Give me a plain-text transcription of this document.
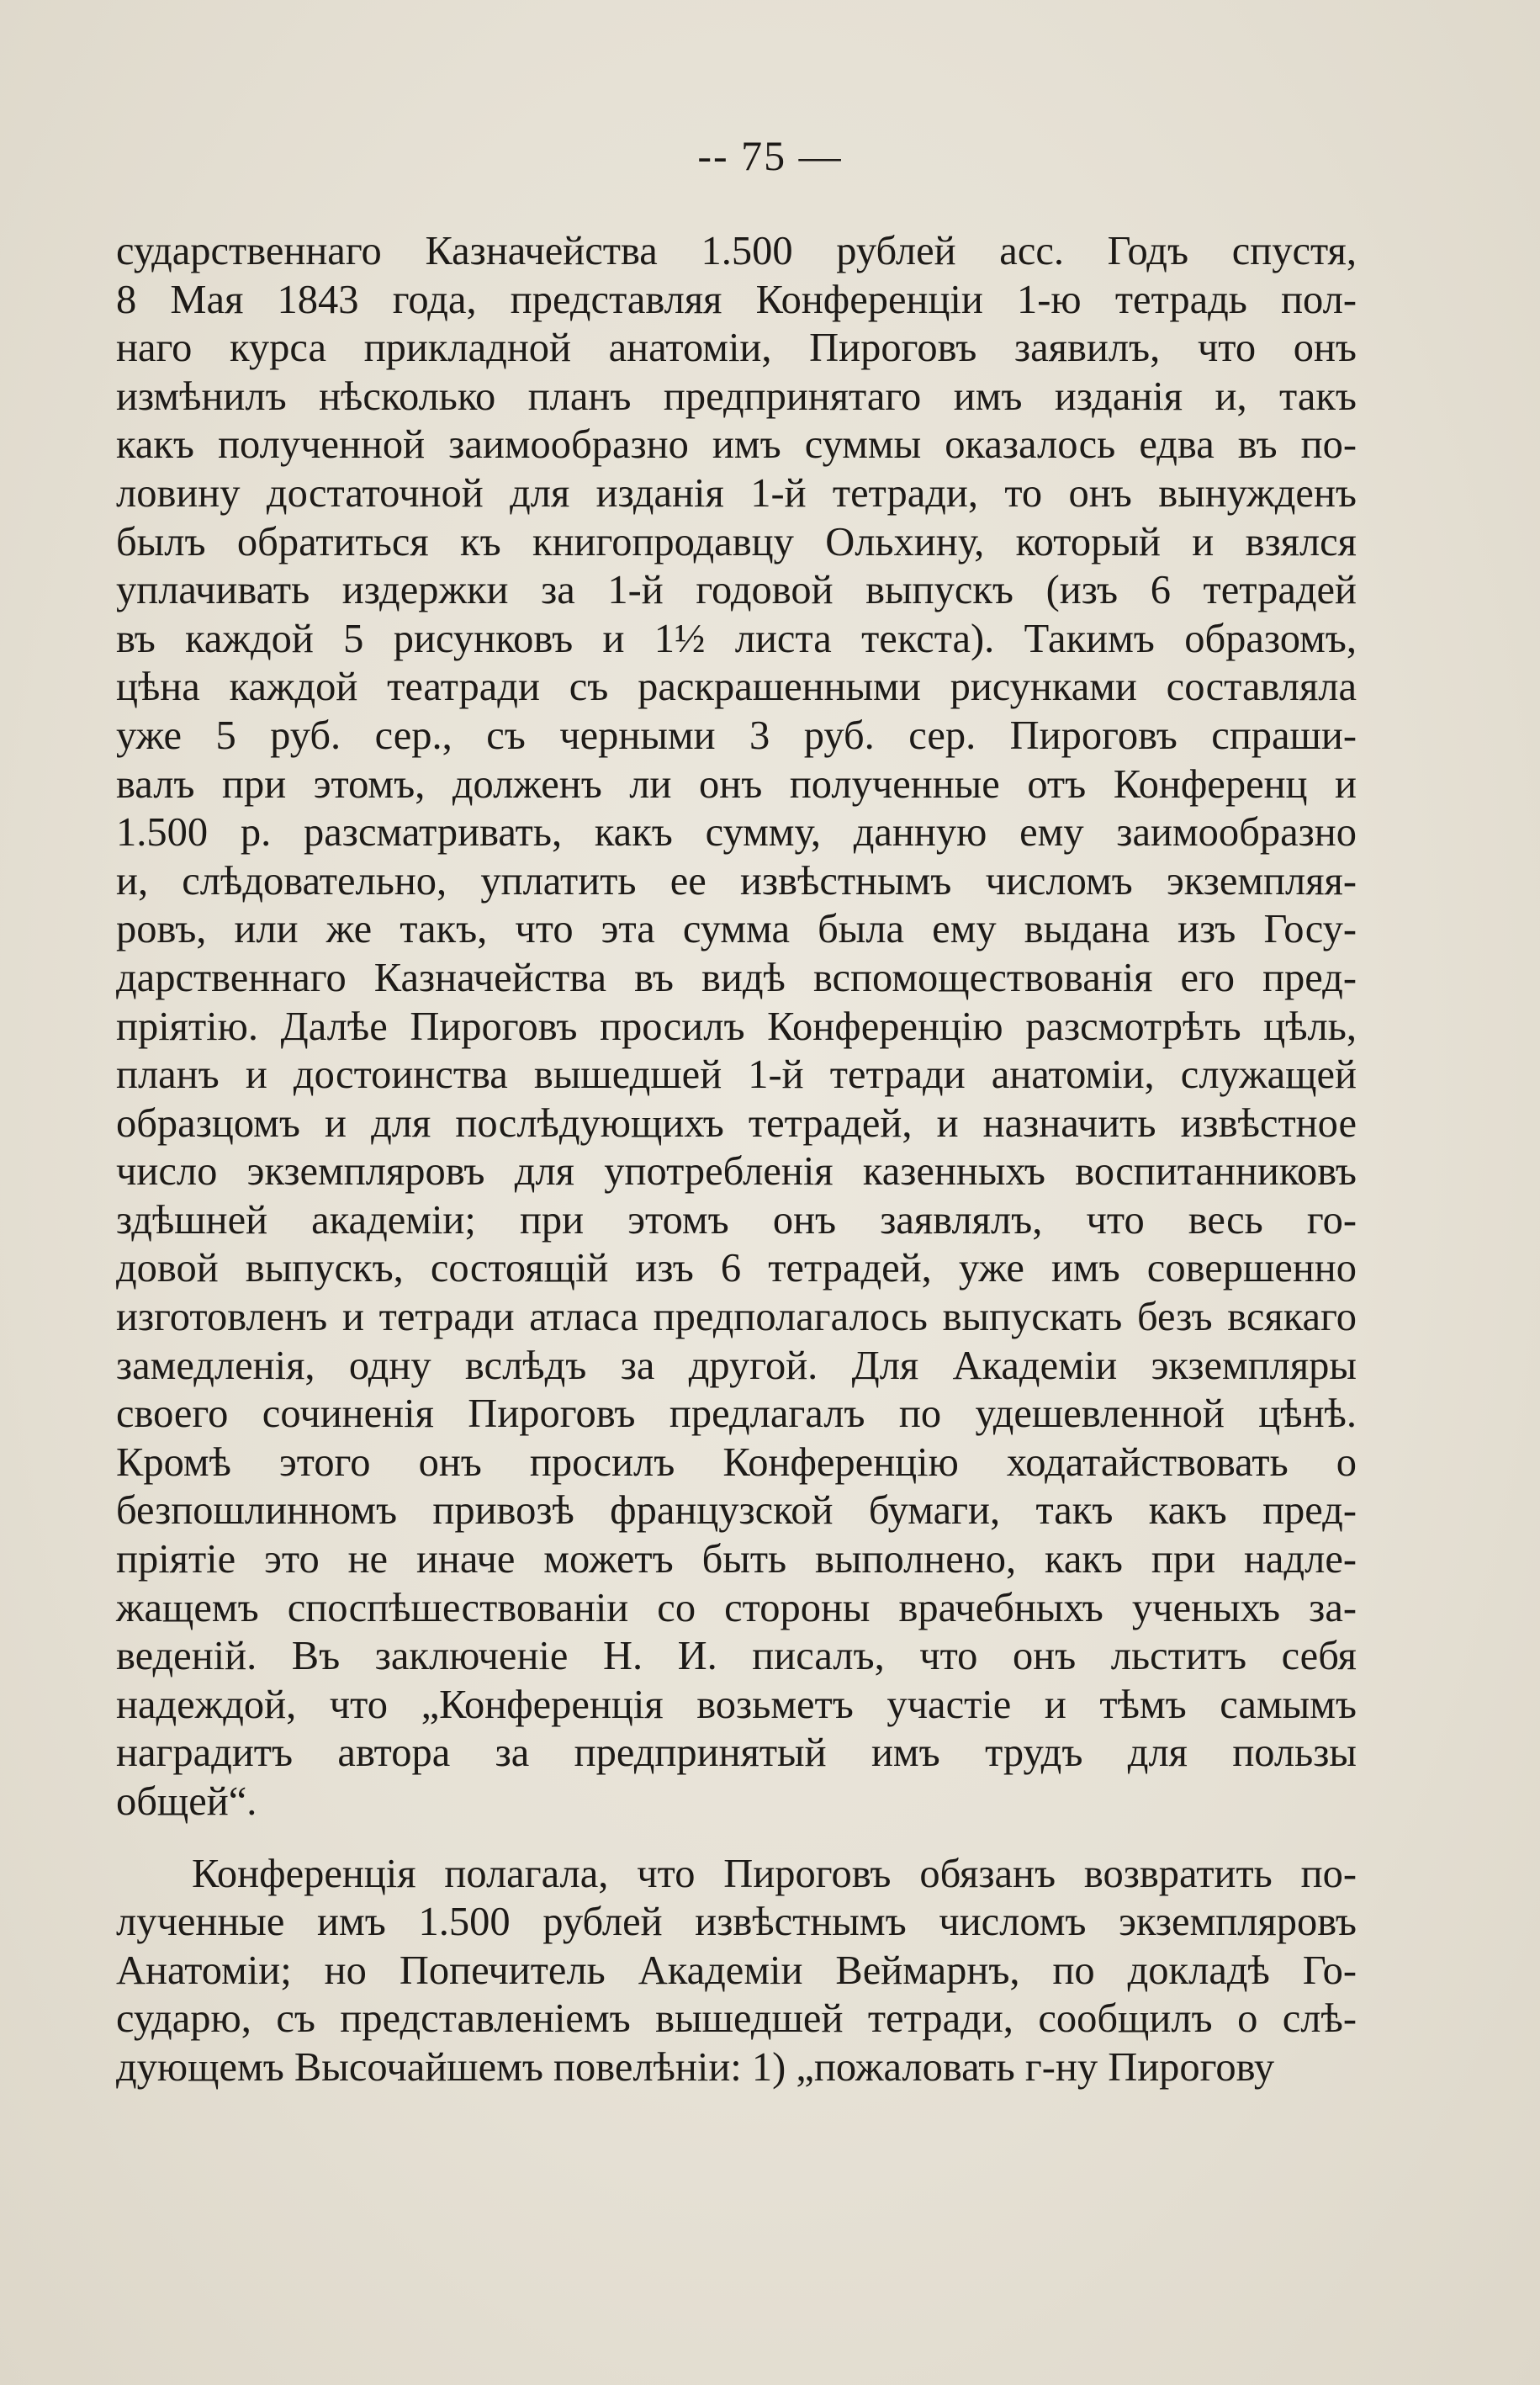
-- 75 —
сударственнаго Казначейства 1.500 рублей асс. Годъ спустя,
8 Мая 1843 года, представляя Конференціи 1-ю тетрадь пол-
наго курса прикладной анатоміи, Пироговъ заявилъ, что онъ
измѣнилъ нѣсколько планъ предпринятаго имъ изданія и, такъ
какъ полученной заимообразно имъ суммы оказалось едва въ по-
ловину достаточной для изданія 1-й тетради, то онъ вынужденъ
былъ обратиться къ книгопродавцу Ольхину, который и взялся
уплачивать издержки за 1-й годовой выпускъ (изъ 6 тетрадей
въ каждой 5 рисунковъ и 1½ листа текста). Такимъ образомъ,
цѣна каждой театради съ раскрашенными рисунками составляла
уже 5 руб. сер., съ черными 3 руб. сер. Пироговъ спраши-
валъ при этомъ, долженъ ли онъ полученные отъ Конференц и
1.500 р. разсматривать, какъ сумму, данную ему заимообразно
и, слѣдовательно, уплатить ее извѣстнымъ числомъ экземпляя-
ровъ, или же такъ, что эта сумма была ему выдана изъ Госу-
дарственнаго Казначейства въ видѣ вспомоществованія его пред-
пріятію. Далѣе Пироговъ просилъ Конференцію разсмотрѣть цѣль,
планъ и достоинства вышедшей 1-й тетради анатоміи, служащей
образцомъ и для послѣдующихъ тетрадей, и назначить извѣстное
число экземпляровъ для употребленія казенныхъ воспитанниковъ
здѣшней академіи; при этомъ онъ заявлялъ, что весь го-
довой выпускъ, состоящій изъ 6 тетрадей, уже имъ совершенно
изготовленъ и тетради атласа предполагалось выпускать безъ всякаго
замедленія, одну вслѣдъ за другой. Для Академіи экземпляры
своего сочиненія Пироговъ предлагалъ по удешевленной цѣнѣ.
Кромѣ этого онъ просилъ Конференцію ходатайствовать о
безпошлинномъ привозѣ французской бумаги, такъ какъ пред-
пріятіе это не иначе можетъ быть выполнено, какъ при надле-
жащемъ споспѣшествованіи со стороны врачебныхъ ученыхъ за-
веденій. Въ заключеніе Н. И. писалъ, что онъ льститъ себя
надеждой, что „Конференція возьметъ участіе и тѣмъ самымъ
наградитъ автора за предпринятый имъ трудъ для пользы
общей“.
Конференція полагала, что Пироговъ обязанъ возвратить по-
лученные имъ 1.500 рублей извѣстнымъ числомъ экземпляровъ
Анатоміи; но Попечитель Академіи Веймарнъ, по докладѣ Го-
сударю, съ представленіемъ вышедшей тетради, сообщилъ о слѣ-
дующемъ Высочайшемъ повелѣніи: 1) „пожаловать г-ну Пирогову
